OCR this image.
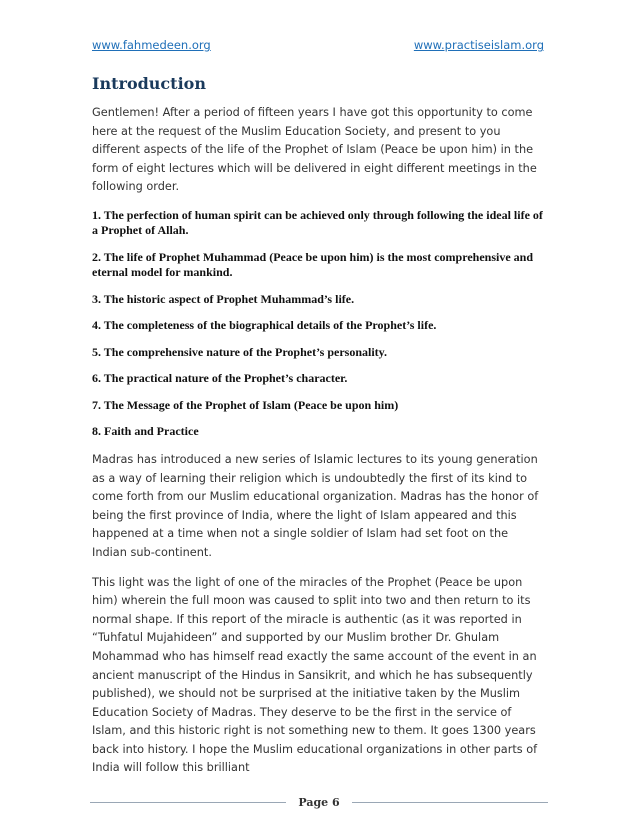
www.fahmedeen.org	www.practiseislam.org
Introduction

Gentlemen! After a period of fifteen years I have got this opportunity to come here at the request of the Muslim Education Society, and present to you different aspects of the life of the Prophet of Islam (Peace be upon him) in the form of eight lectures which will be delivered in eight different meetings in the following order.

1. The perfection of human spirit can be achieved only through following the ideal life of a Prophet of Allah.

2. The life of Prophet Muhammad (Peace be upon him) is the most comprehensive and eternal model for mankind.

3. The historic aspect of Prophet Muhammad’s life.

4. The completeness of the biographical details of the Prophet’s life.

5. The comprehensive nature of the Prophet’s personality.

6. The practical nature of the Prophet’s character.

7. The Message of the Prophet of Islam (Peace be upon him)

8. Faith and Practice

Madras has introduced a new series of Islamic lectures to its young generation as a way of learning their religion which is undoubtedly the first of its kind to come forth from our Muslim educational organization. Madras has the honor of being the first province of India, where the light of Islam appeared and this happened at a time when not a single soldier of Islam had set foot on the Indian sub-continent.

This light was the light of one of the miracles of the Prophet (Peace be upon him) wherein the full moon was caused to split into two and then return to its normal shape. If this report of the miracle is authentic (as it was reported in “Tuhfatul Mujahideen” and supported by our Muslim brother Dr. Ghulam Mohammad who has himself read exactly the same account of the event in an ancient manuscript of the Hindus in Sansikrit, and which he has subsequently published), we should not be surprised at the initiative taken by the Muslim Education Society of Madras. They deserve to be the first in the service of Islam, and this historic right is not something new to them. It goes 1300 years back into history. I hope the Muslim educational organizations in other parts of India will follow this brilliant

Page 6
